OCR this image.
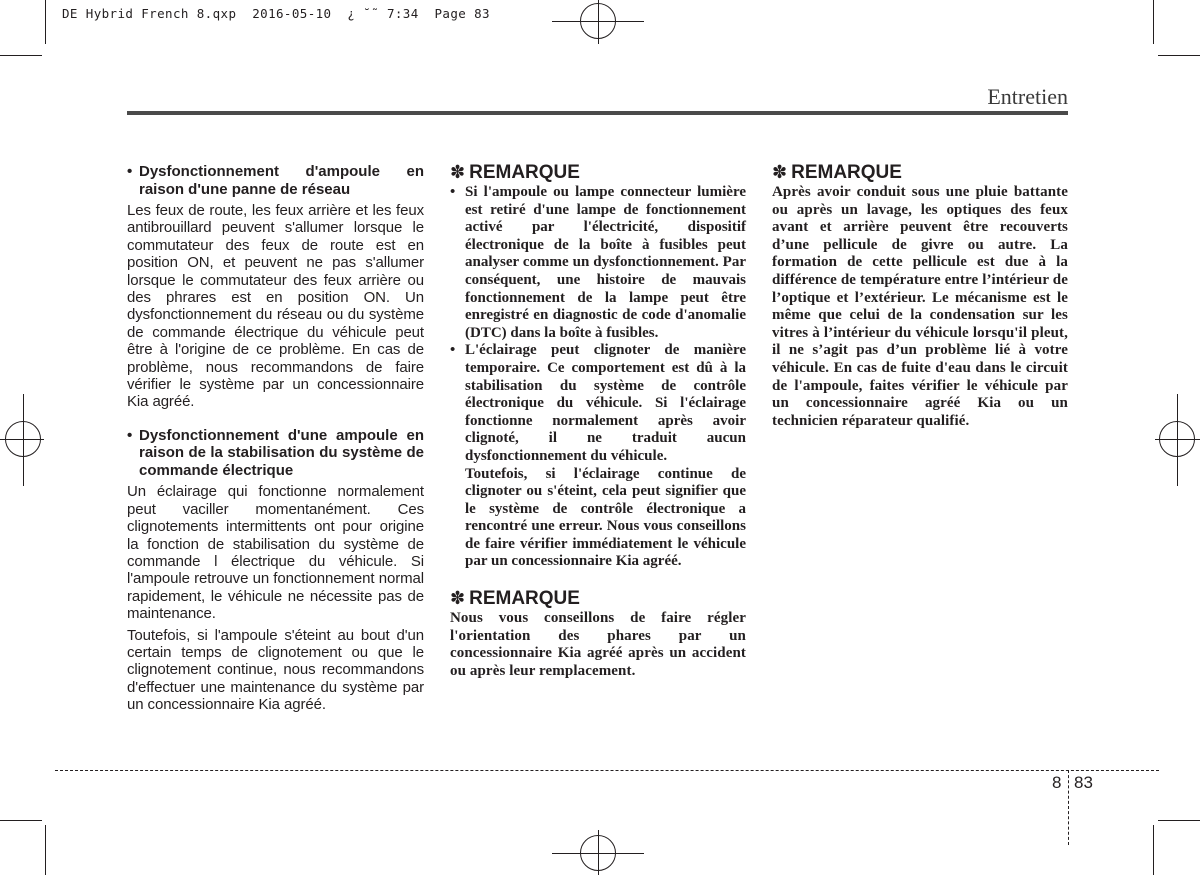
DE Hybrid French 8.qxp  2016-05-10  ¿ ˘˜ 7:34  Page 83
Entretien
• Dysfonctionnement d'ampoule en raison d'une panne de réseau

Les feux de route, les feux arrière et les feux antibrouillard peuvent s'allumer lorsque le commutateur des feux de route est en position ON, et peuvent ne pas s'allumer lorsque le commutateur des feux arrière ou des phrares est en position ON. Un dysfonctionnement du réseau ou du système de commande électrique du véhicule peut être à l'origine de ce problème. En cas de problème, nous recommandons de faire vérifier le système par un concessionnaire Kia agréé.

• Dysfonctionnement d'une ampoule en raison de la stabilisation du système de commande électrique

Un éclairage qui fonctionne normalement peut vaciller momentanément. Ces clignotements intermittents ont pour origine la fonction de stabilisation du système de commande l électrique du véhicule. Si l'ampoule retrouve un fonctionnement normal rapidement, le véhicule ne nécessite pas de maintenance.

Toutefois, si l'ampoule s'éteint au bout d'un certain temps de clignotement ou que le clignotement continue, nous recommandons d'effectuer une maintenance du système par un concessionnaire Kia agréé.

✽ REMARQUE
• Si l'ampoule ou lampe connecteur lumière est retiré d'une lampe de fonctionnement activé par l'électricité, dispositif électronique de la boîte à fusibles peut analyser comme un dysfonctionnement. Par conséquent, une histoire de mauvais fonctionnement de la lampe peut être enregistré en diagnostic de code d'anomalie (DTC) dans la boîte à fusibles.

• L'éclairage peut clignoter de manière temporaire. Ce comportement est dû à la stabilisation du système de contrôle électronique du véhicule. Si l'éclairage fonctionne normalement après avoir clignoté, il ne traduit aucun dysfonctionnement du véhicule.

Toutefois, si l'éclairage continue de clignoter ou s'éteint, cela peut signifier que le système de contrôle électronique a rencontré une erreur. Nous vous conseillons de faire vérifier immédiatement le véhicule par un concessionnaire Kia agréé.

✽ REMARQUE

Nous vous conseillons de faire régler l'orientation des phares par un concessionnaire Kia agréé après un accident ou après leur remplacement.

✽ REMARQUE

Après avoir conduit sous une pluie battante ou après un lavage, les optiques des feux avant et arrière peuvent être recouverts d’une pellicule de givre ou autre. La formation de cette pellicule est due à la différence de température entre l’intérieur de l’optique et l’extérieur. Le mécanisme est le même que celui de la condensation sur les vitres à l’intérieur du véhicule lorsqu'il pleut, il ne s’agit pas d’un problème lié à votre véhicule. En cas de fuite d'eau dans le circuit de l'ampoule, faites vérifier le véhicule par un concessionnaire agréé Kia ou un technicien réparateur qualifié.

8 83
